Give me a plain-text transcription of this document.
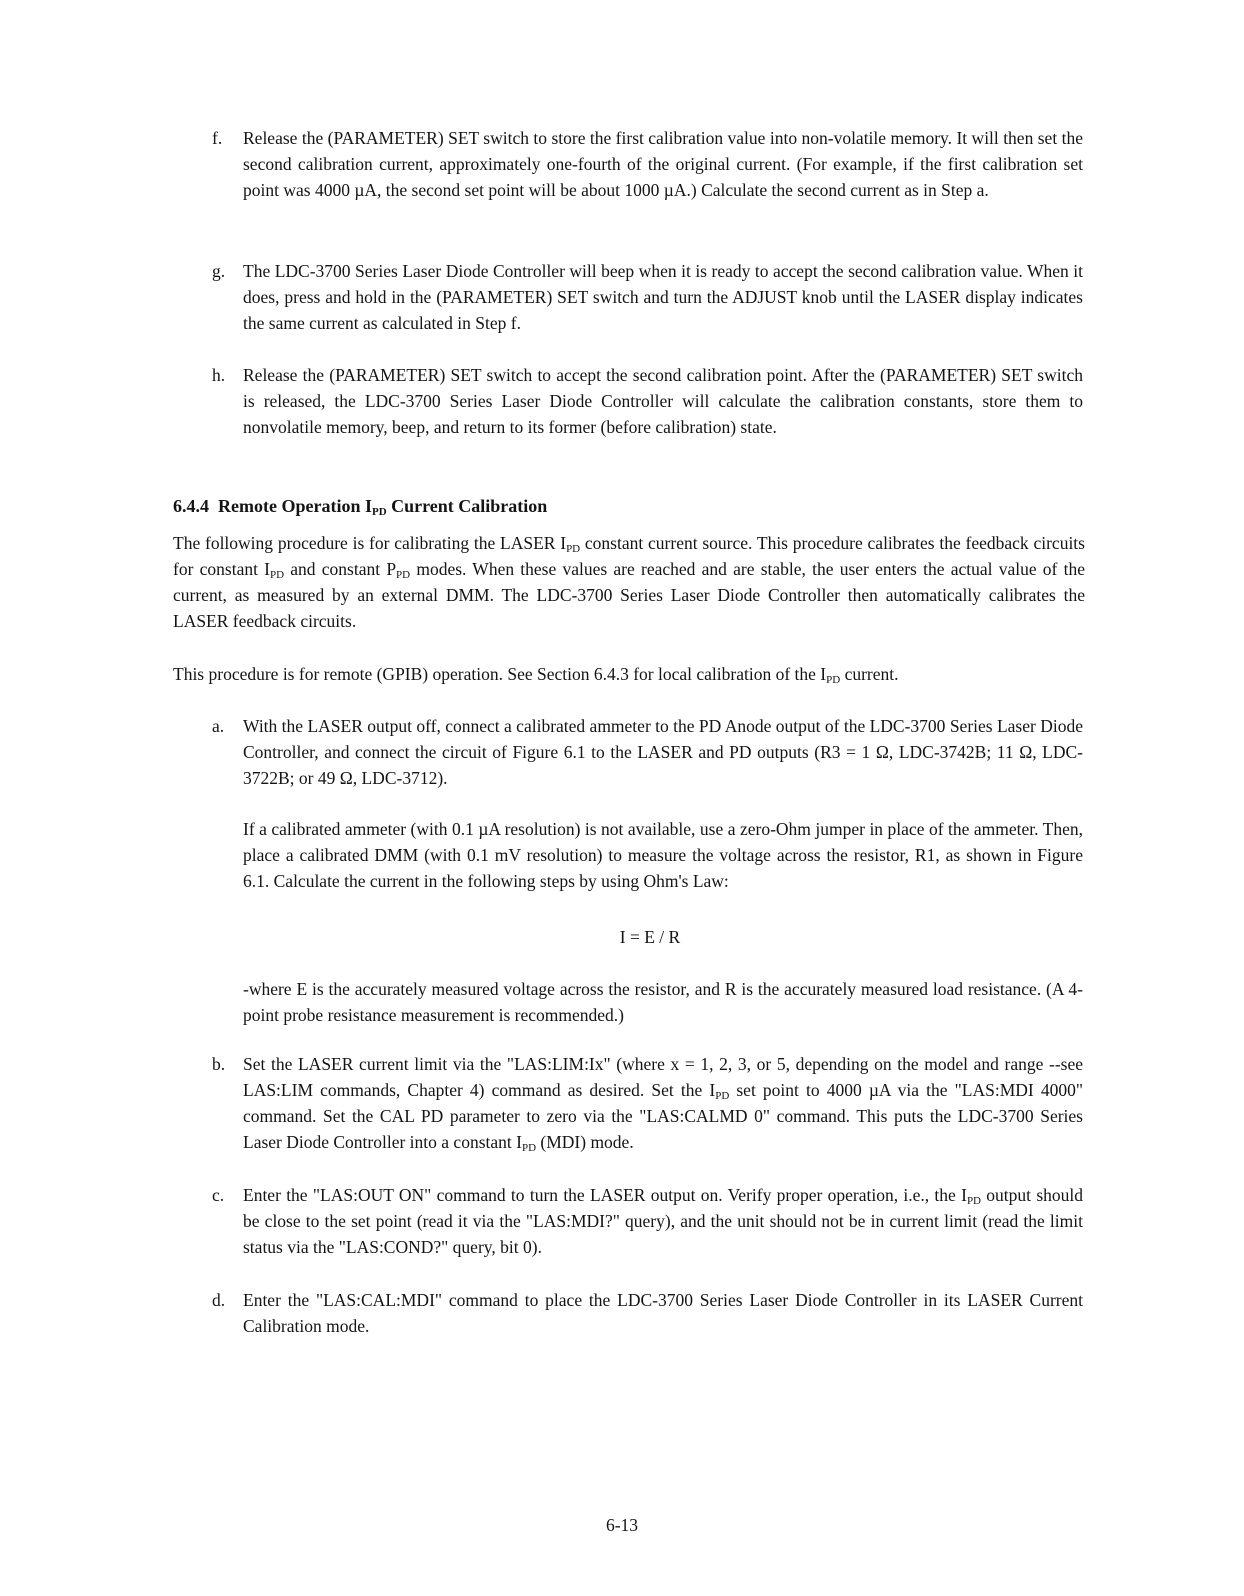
f.	Release the (PARAMETER) SET switch to store the first calibration value into non-volatile memory. It will then set the second calibration current, approximately one-fourth of the original current. (For example, if the first calibration set point was 4000 µA, the second set point will be about 1000 µA.) Calculate the second current as in Step a.
g.	The LDC-3700 Series Laser Diode Controller will beep when it is ready to accept the second calibration value. When it does, press and hold in the (PARAMETER) SET switch and turn the ADJUST knob until the LASER display indicates the same current as calculated in Step f.
h.	Release the (PARAMETER) SET switch to accept the second calibration point. After the (PARAMETER) SET switch is released, the LDC-3700 Series Laser Diode Controller will calculate the calibration constants, store them to nonvolatile memory, beep, and return to its former (before calibration) state.
6.4.4 Remote Operation $I_{PD}$ Current Calibration
The following procedure is for calibrating the LASER $I_{PD}$ constant current source. This procedure calibrates the feedback circuits for constant $I_{PD}$ and constant $P_{PD}$ modes. When these values are reached and are stable, the user enters the actual value of the current, as measured by an external DMM. The LDC-3700 Series Laser Diode Controller then automatically calibrates the LASER feedback circuits.
This procedure is for remote (GPIB) operation. See Section 6.4.3 for local calibration of the $I_{PD}$ current.
a.	With the LASER output off, connect a calibrated ammeter to the PD Anode output of the LDC-3700 Series Laser Diode Controller, and connect the circuit of Figure 6.1 to the LASER and PD outputs (R3 = 1 Ω, LDC-3742B; 11 Ω, LDC-3722B; or 49 Ω, LDC-3712).
If a calibrated ammeter (with 0.1 µA resolution) is not available, use a zero-Ohm jumper in place of the ammeter. Then, place a calibrated DMM (with 0.1 mV resolution) to measure the voltage across the resistor, R1, as shown in Figure 6.1. Calculate the current in the following steps by using Ohm's Law:
I = E / R
-where E is the accurately measured voltage across the resistor, and R is the accurately measured load resistance. (A 4-point probe resistance measurement is recommended.)
b.	Set the LASER current limit via the "LAS:LIM:Ix" (where x = 1, 2, 3, or 5, depending on the model and range --see LAS:LIM commands, Chapter 4) command as desired. Set the $I_{PD}$ set point to 4000 µA via the "LAS:MDI 4000" command. Set the CAL PD parameter to zero via the "LAS:CALMD 0" command. This puts the LDC-3700 Series Laser Diode Controller into a constant $I_{PD}$ (MDI) mode.
c.	Enter the "LAS:OUT ON" command to turn the LASER output on. Verify proper operation, i.e., the $I_{PD}$ output should be close to the set point (read it via the "LAS:MDI?" query), and the unit should not be in current limit (read the limit status via the "LAS:COND?" query, bit 0).
d.	Enter the "LAS:CAL:MDI" command to place the LDC-3700 Series Laser Diode Controller in its LASER Current Calibration mode.
6-13
